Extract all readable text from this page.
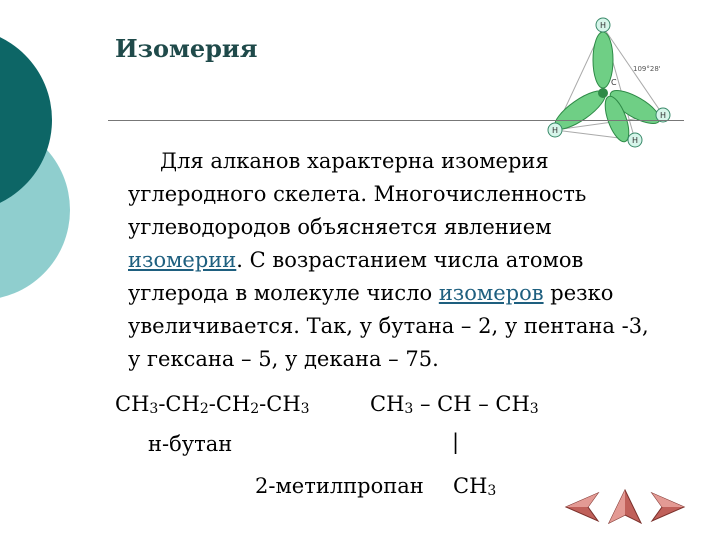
Изомерия
H
H
H
H
C
109°28'
Для алканов характерна изомерия
углеродного скелета. Многочисленность
углеводородов объясняется явлением
изомерии. С возрастанием числа атомов
углерода в молекуле число изомеров резко
увеличивается. Так, у бутана – 2, у пентана -3,
у гексана – 5, у декана – 75.
$CH_3-CH_2-CH_2-CH_3$	$CH_3$ – CH – $CH_3$
н-бутан	|
2-метилпропан $CH_3$
